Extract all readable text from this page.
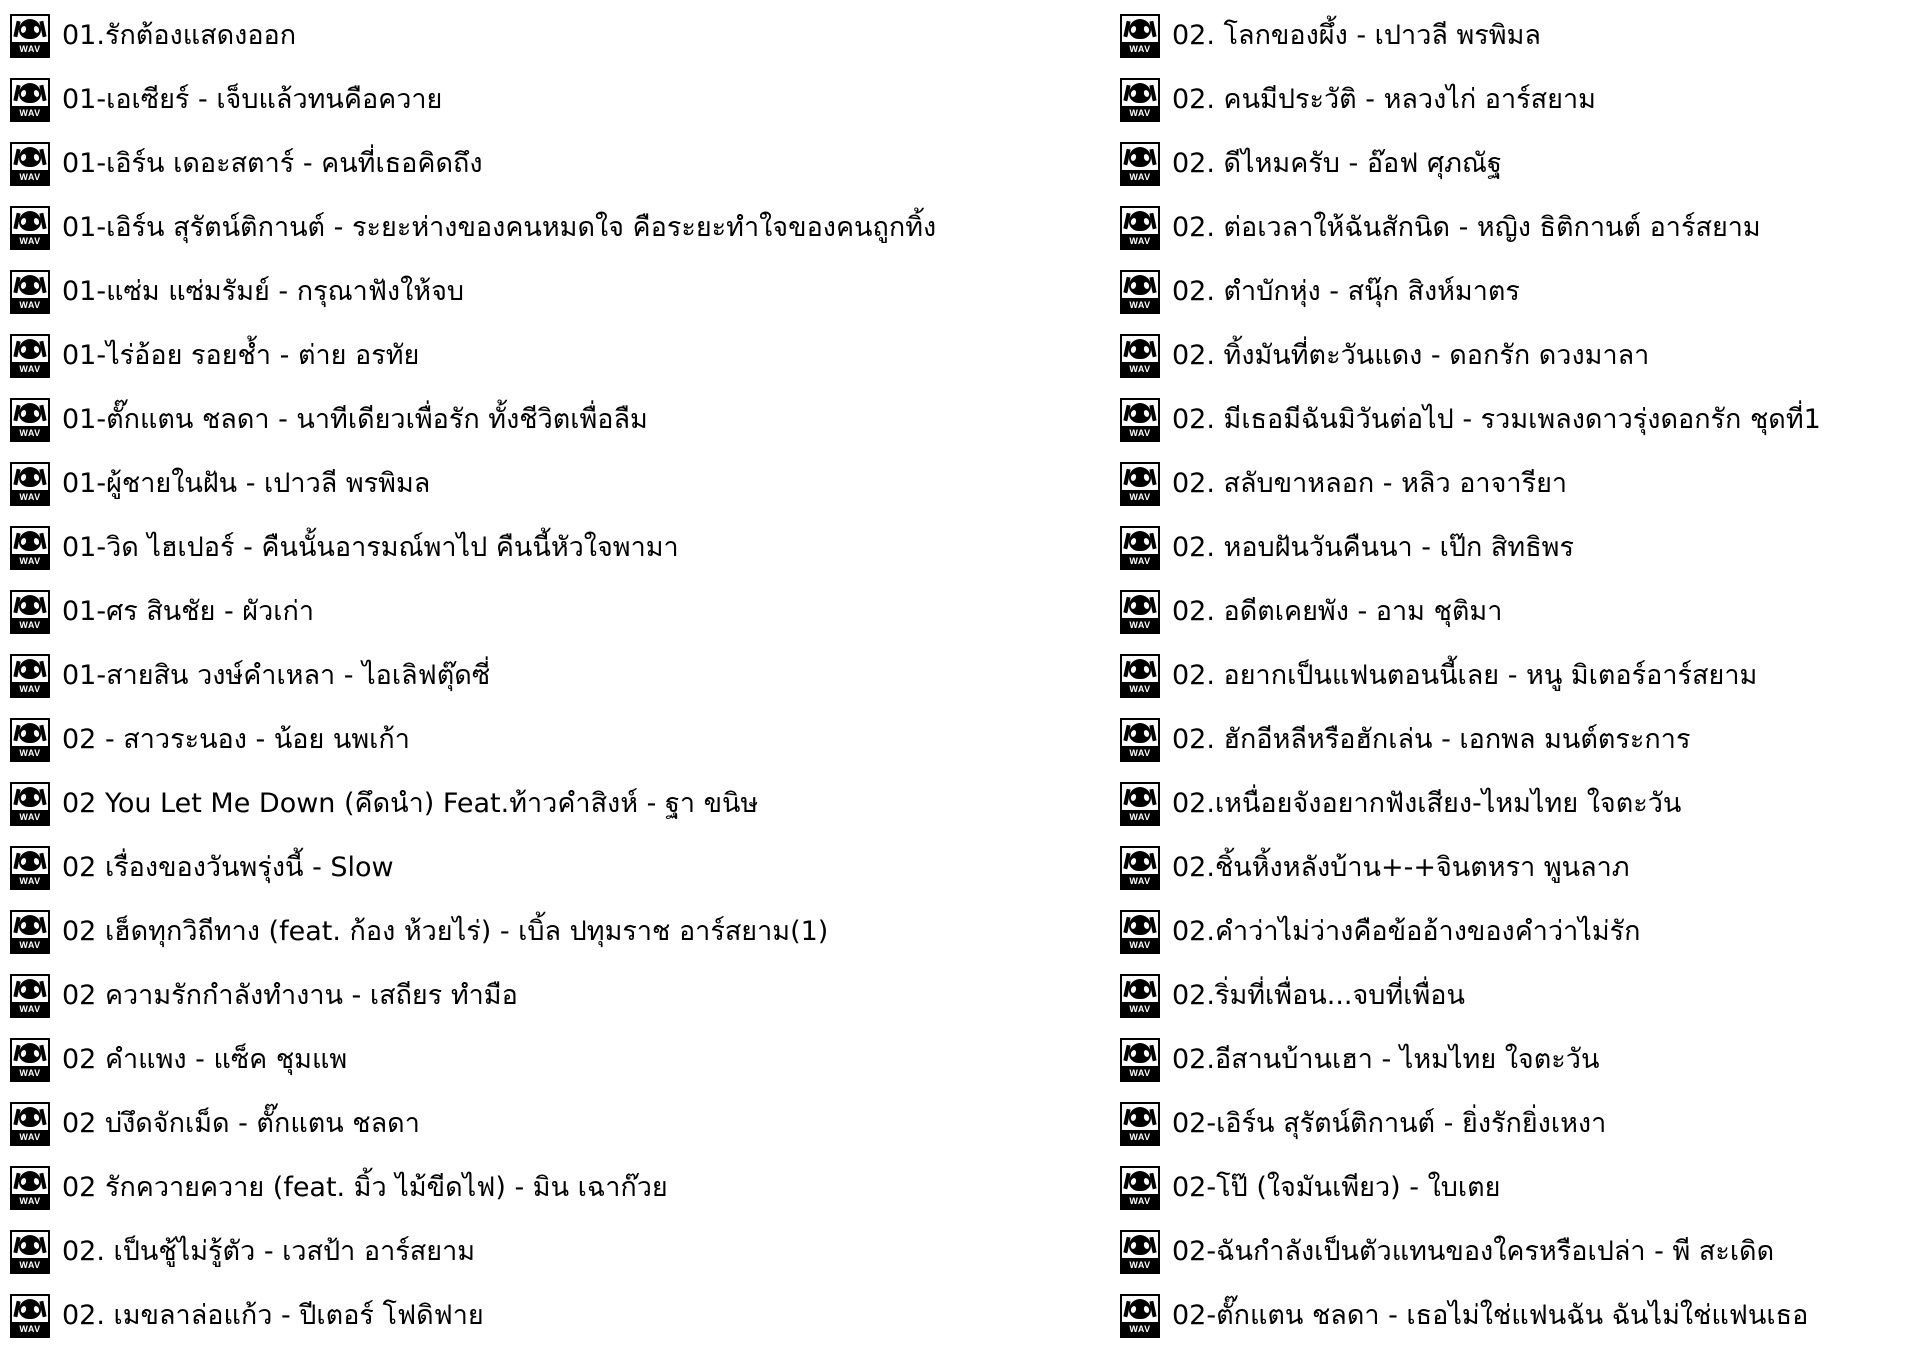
WAV 01.รักต้องแสดงออก
WAV 01-เอเซียร์ - เจ็บแล้วทนคือควาย
WAV 01-เอิร์น เดอะสตาร์ - คนที่เธอคิดถึง
WAV 01-เอิร์น สุรัตน์ติกานต์ - ระยะห่างของคนหมดใจ คือระยะทำใจของคนถูกทิ้ง
WAV 01-แซ่ม แซ่มรัมย์ - กรุณาฟังให้จบ
WAV 01-ไร่อ้อย รอยช้ำ - ต่าย อรทัย
WAV 01-ตั๊กแตน ชลดา - นาทีเดียวเพื่อรัก ทั้งชีวิตเพื่อลืม
WAV 01-ผู้ชายในฝัน - เปาวลี พรพิมล
WAV 01-วิด ไฮเปอร์ - คืนนั้นอารมณ์พาไป คืนนี้หัวใจพามา
WAV 01-ศร สินชัย - ผัวเก่า
WAV 01-สายสิน วงษ์คำเหลา - ไอเลิฟตุ๊ดซี่
WAV 02 - สาวระนอง - น้อย นพเก้า
WAV 02 You Let Me Down (คึดนำ) Feat.ท้าวคำสิงห์ - ฐา ขนิษ
WAV 02 เรื่องของวันพรุ่งนี้ - Slow
WAV 02 เฮ็ดทุกวิถีทาง (feat. ก้อง ห้วยไร่) - เบิ้ล ปทุมราช อาร์สยาม(1)
WAV 02 ความรักกำลังทำงาน - เสถียร ทำมือ
WAV 02 คำแพง - แซ็ค ชุมแพ
WAV 02 บ่งึดจักเม็ด - ตั๊กแตน ชลดา
WAV 02 รักควายควาย (feat. มิ้ว ไม้ขีดไฟ) - มิน เฉาก๊วย
WAV 02. เป็นชู้ไม่รู้ตัว - เวสป้า อาร์สยาม
WAV 02. เมขลาล่อแก้ว - ปีเตอร์ โฟดิฟาย
WAV 02. โลกของผึ้ง - เปาวลี พรพิมล
WAV 02. คนมีประวัติ - หลวงไก่ อาร์สยาม
WAV 02. ดีไหมครับ - อ๊อฟ ศุภณัฐ
WAV 02. ต่อเวลาให้ฉันสักนิด - หญิง ธิติกานต์ อาร์สยาม
WAV 02. ตำบักหุ่ง - สนุ๊ก สิงห์มาตร
WAV 02. ทิ้งมันที่ตะวันแดง - ดอกรัก ดวงมาลา
WAV 02. มีเธอมีฉันมิวันต่อไป - รวมเพลงดาวรุ่งดอกรัก ชุดที่1
WAV 02. สลับขาหลอก - หลิว อาจารียา
WAV 02. หอบฝันวันคืนนา - เป๊ก สิทธิพร
WAV 02. อดีตเคยพัง - อาม ชุติมา
WAV 02. อยากเป็นแฟนตอนนี้เลย - หนู มิเตอร์อาร์สยาม
WAV 02. ฮักอีหลีหรือฮักเล่น - เอกพล มนต์ตระการ
WAV 02.เหนื่อยจังอยากฟังเสียง-ไหมไทย ใจตะวัน
WAV 02.ชิ้นหิ้งหลังบ้าน+-+จินตหรา พูนลาภ
WAV 02.คำว่าไม่ว่างคือข้ออ้างของคำว่าไม่รัก
WAV 02.ริ่มที่เพื่อน...จบที่เพื่อน
WAV 02.อีสานบ้านเฮา - ไหมไทย ใจตะวัน
WAV 02-เอิร์น สุรัตน์ติกานต์ - ยิ่งรักยิ่งเหงา
WAV 02-โป๊ (ใจมันเพียว) - ใบเตย
WAV 02-ฉันกำลังเป็นตัวแทนของใครหรือเปล่า - พี สะเดิด
WAV 02-ตั๊กแตน ชลดา - เธอไม่ใช่แฟนฉัน ฉันไม่ใช่แฟนเธอ
